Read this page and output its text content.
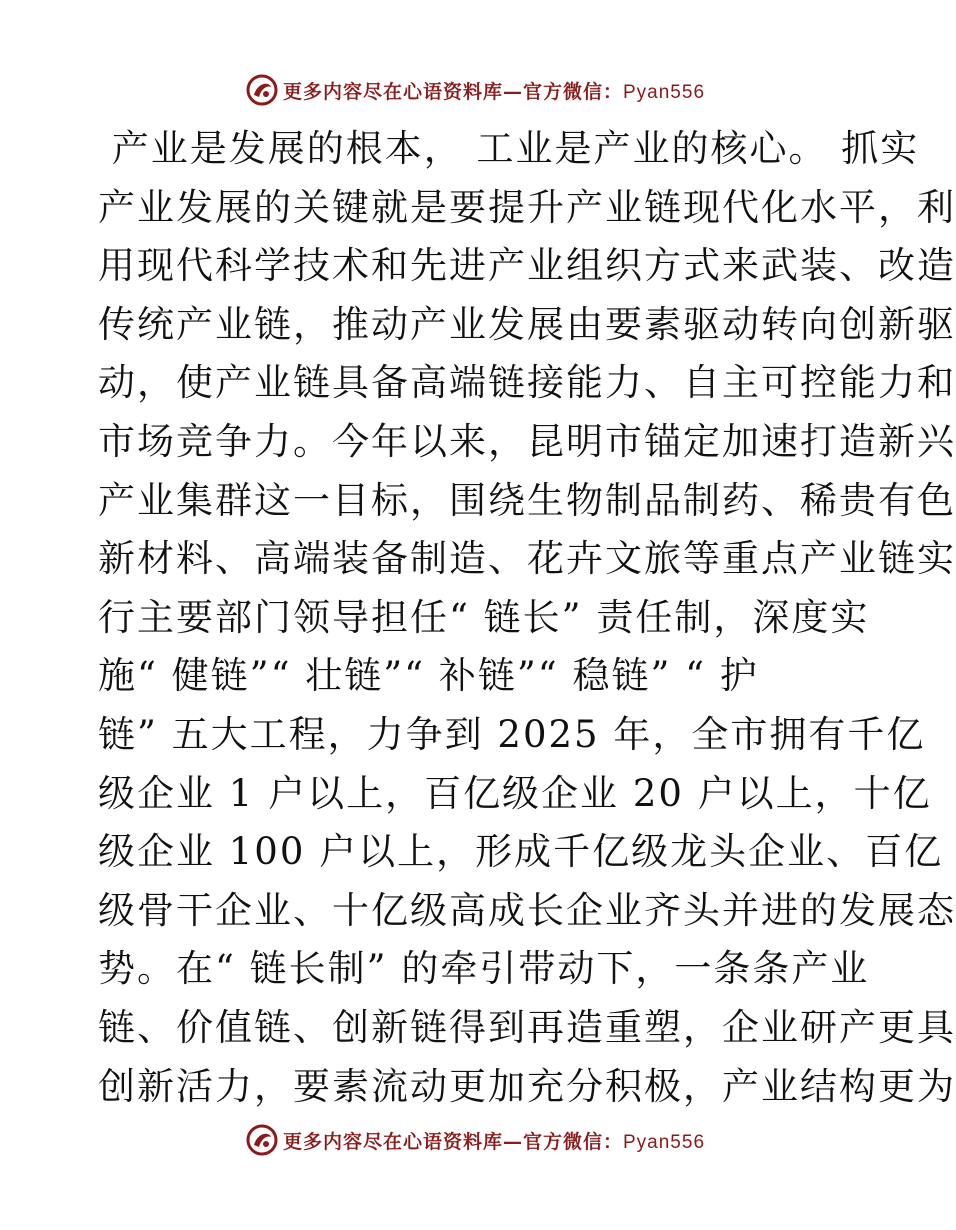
更多内容尽在心语资料库—官方微信：Pyan556
产业是发展的根本， 工业是产业的核心。 抓实
产业发展的关键就是要提升产业链现代化水平，利
用现代科学技术和先进产业组织方式来武装、改造
传统产业链，推动产业发展由要素驱动转向创新驱
动，使产业链具备高端链接能力、自主可控能力和
市场竞争力。今年以来，昆明市锚定加速打造新兴
产业集群这一目标，围绕生物制品制药、稀贵有色
新材料、高端装备制造、花卉文旅等重点产业链实
行主要部门领导担任“ 链长” 责任制，深度实
施“ 健链”“ 壮链”“ 补链”“ 稳链” “ 护
链” 五大工程，力争到 2025 年，全市拥有千亿
级企业 1 户以上，百亿级企业 20 户以上，十亿
级企业 100 户以上，形成千亿级龙头企业、百亿
级骨干企业、十亿级高成长企业齐头并进的发展态
势。在“ 链长制” 的牵引带动下，一条条产业
链、价值链、创新链得到再造重塑，企业研产更具
创新活力，要素流动更加充分积极，产业结构更为
更多内容尽在心语资料库—官方微信：Pyan556
